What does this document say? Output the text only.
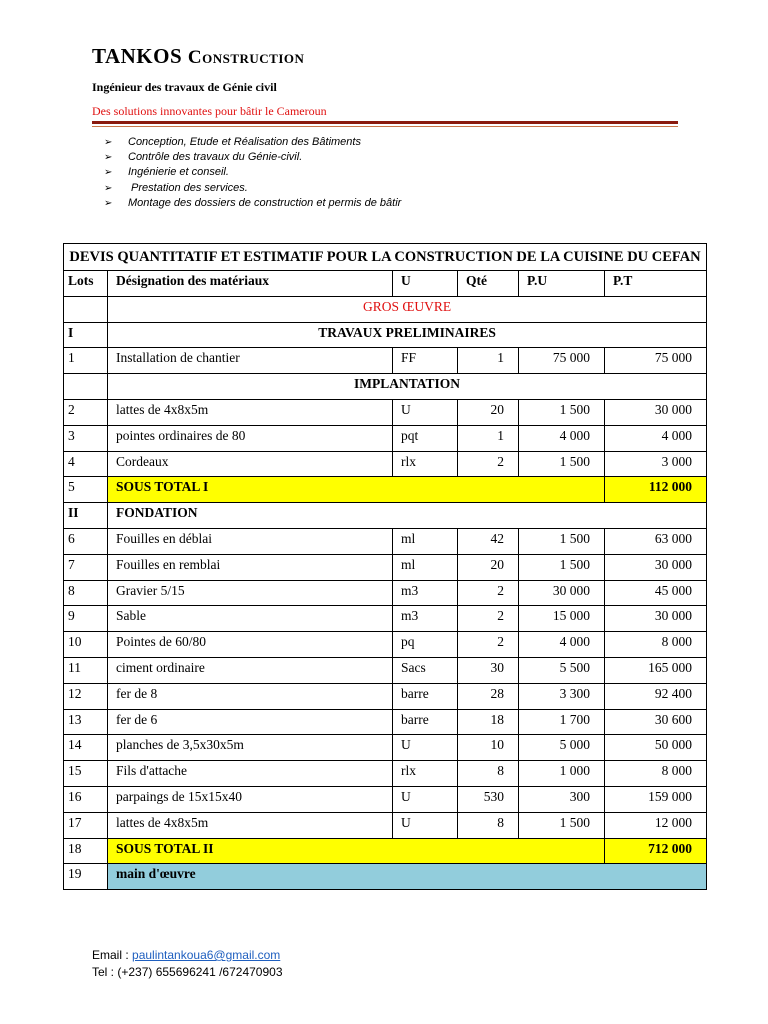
TANKOS Construction
Ingénieur des travaux de Génie civil
Des solutions innovantes pour bâtir le Cameroun
➢	Conception, Etude et Réalisation des Bâtiments
➢	Contrôle des travaux du Génie-civil.
➢	Ingénierie et conseil.
➢	Prestation des services.
➢	Montage des dossiers de construction et permis de bâtir
DEVIS QUANTITATIF ET ESTIMATIF POUR LA CONSTRUCTION DE LA CUISINE DU CEFAN					
Lots	Désignation des matériaux	U	Qté	P.U	P.T
	GROS ŒUVRE				
I	TRAVAUX PRELIMINAIRES				
1	Installation de chantier	FF	1	75 000	75 000
	IMPLANTATION				
2	lattes de 4x8x5m	U	20	1 500	30 000
3	pointes ordinaires de 80	pqt	1	4 000	4 000
4	Cordeaux	rlx	2	1 500	3 000
5	SOUS TOTAL I				112 000
II	FONDATION				
6	Fouilles en déblai	ml	42	1 500	63 000
7	Fouilles en remblai	ml	20	1 500	30 000
8	Gravier 5/15	m3	2	30 000	45 000
9	Sable	m3	2	15 000	30 000
10	Pointes de 60/80	pq	2	4 000	8 000
11	ciment ordinaire	Sacs	30	5 500	165 000
12	fer de 8	barre	28	3 300	92 400
13	fer de 6	barre	18	1 700	30 600
14	planches de 3,5x30x5m	U	10	5 000	50 000
15	Fils d'attache	rlx	8	1 000	8 000
16	parpaings de 15x15x40	U	530	300	159 000
17	lattes de 4x8x5m	U	8	1 500	12 000
18	SOUS TOTAL II				712 000
19	main d'œuvre				
Email : paulintankoua6@gmail.com
Tel : (+237) 655696241 /672470903
